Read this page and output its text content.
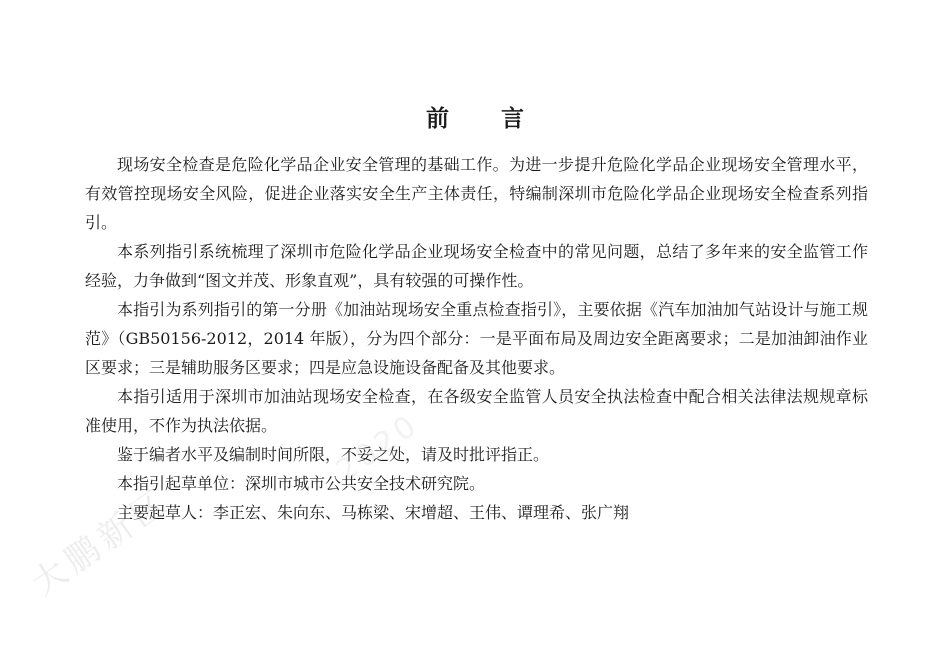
前 言

现场安全检查是危险化学品企业安全管理的基础工作。为进一步提升危险化学品企业现场安全管理水平，有效管控现场安全风险，促进企业落实安全生产主体责任，特编制深圳市危险化学品企业现场安全检查系列指引。

本系列指引系统梳理了深圳市危险化学品企业现场安全检查中的常见问题，总结了多年来的安全监管工作经验，力争做到“图文并茂、形象直观”，具有较强的可操作性。

本指引为系列指引的第一分册《加油站现场安全重点检查指引》，主要依据《汽车加油加气站设计与施工规范》（GB50156-2012，2014 年版），分为四个部分：一是平面布局及周边安全距离要求；二是加油卸油作业区要求；三是辅助服务区要求；四是应急设施设备配备及其他要求。

本指引适用于深圳市加油站现场安全检查，在各级安全监管人员安全执法检查中配合相关法律法规规章标准使用，不作为执法依据。

鉴于编者水平及编制时间所限，不妥之处，请及时批评指正。

本指引起草单位：深圳市城市公共安全技术研究院。

主要起草人：李正宏、朱向东、马栋梁、宋增超、王伟、谭理希、张广翔

大鹏新区
2020
